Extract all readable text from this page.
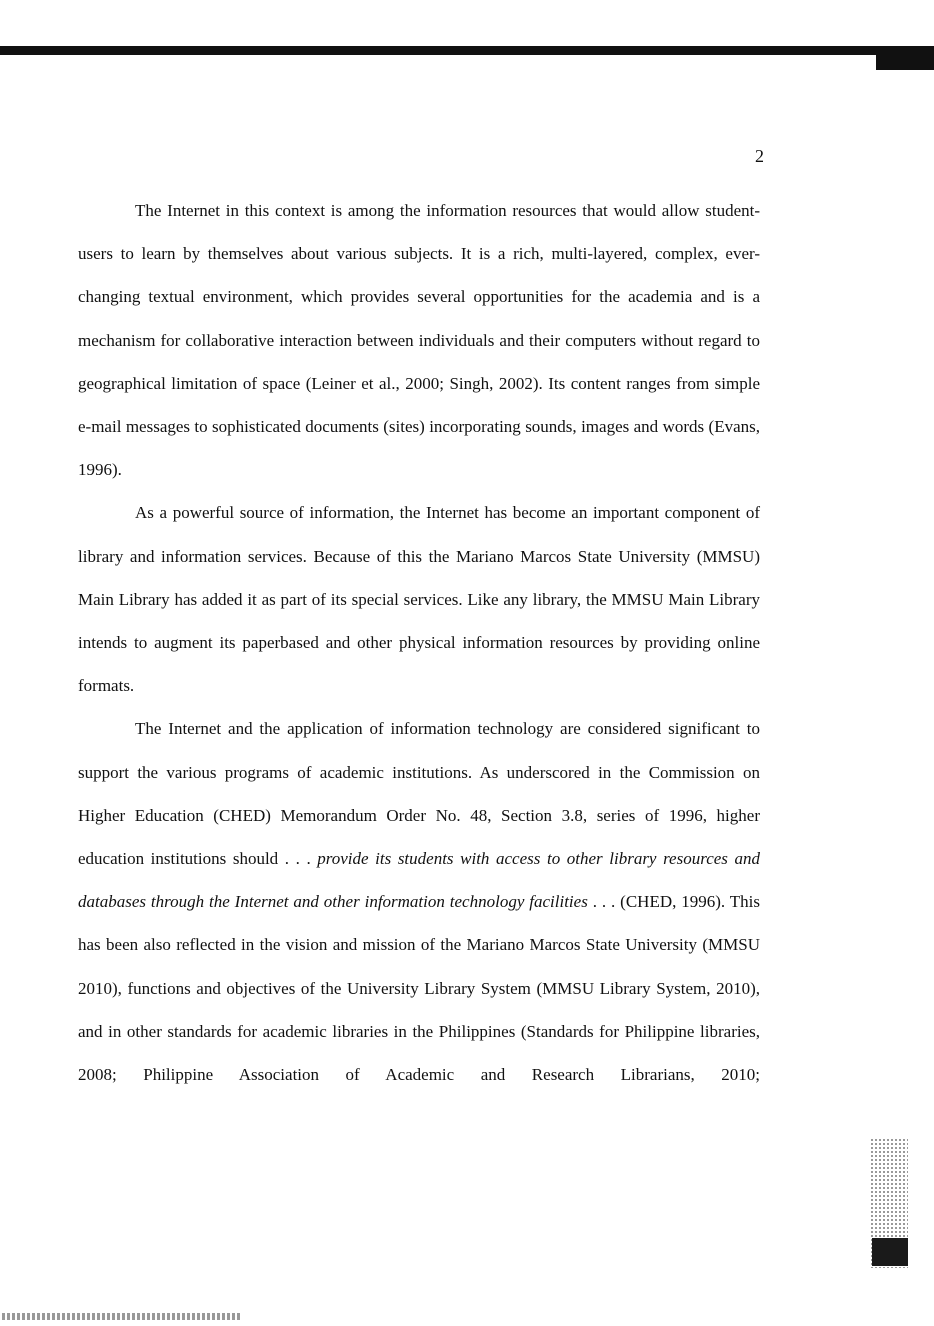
2

The Internet in this context is among the information resources that would allow student-users to learn by themselves about various subjects. It is a rich, multi-layered, complex, ever-changing textual environment, which provides several opportunities for the academia and is a mechanism for collaborative interaction between individuals and their computers without regard to geographical limitation of space (Leiner et al., 2000; Singh, 2002). Its content ranges from simple e-mail messages to sophisticated documents (sites) incorporating sounds, images and words (Evans, 1996).

As a powerful source of information, the Internet has become an important component of library and information services. Because of this the Mariano Marcos State University (MMSU) Main Library has added it as part of its special services. Like any library, the MMSU Main Library intends to augment its paperbased and other physical information resources by providing online formats.

The Internet and the application of information technology are considered significant to support the various programs of academic institutions. As underscored in the Commission on Higher Education (CHED) Memorandum Order No. 48, Section 3.8, series of 1996, higher education institutions should . . . provide its students with access to other library resources and databases through the Internet and other information technology facilities . . . (CHED, 1996). This has been also reflected in the vision and mission of the Mariano Marcos State University (MMSU 2010), functions and objectives of the University Library System (MMSU Library System, 2010), and in other standards for academic libraries in the Philippines (Standards for Philippine libraries, 2008; Philippine Association of Academic and Research Librarians, 2010;
